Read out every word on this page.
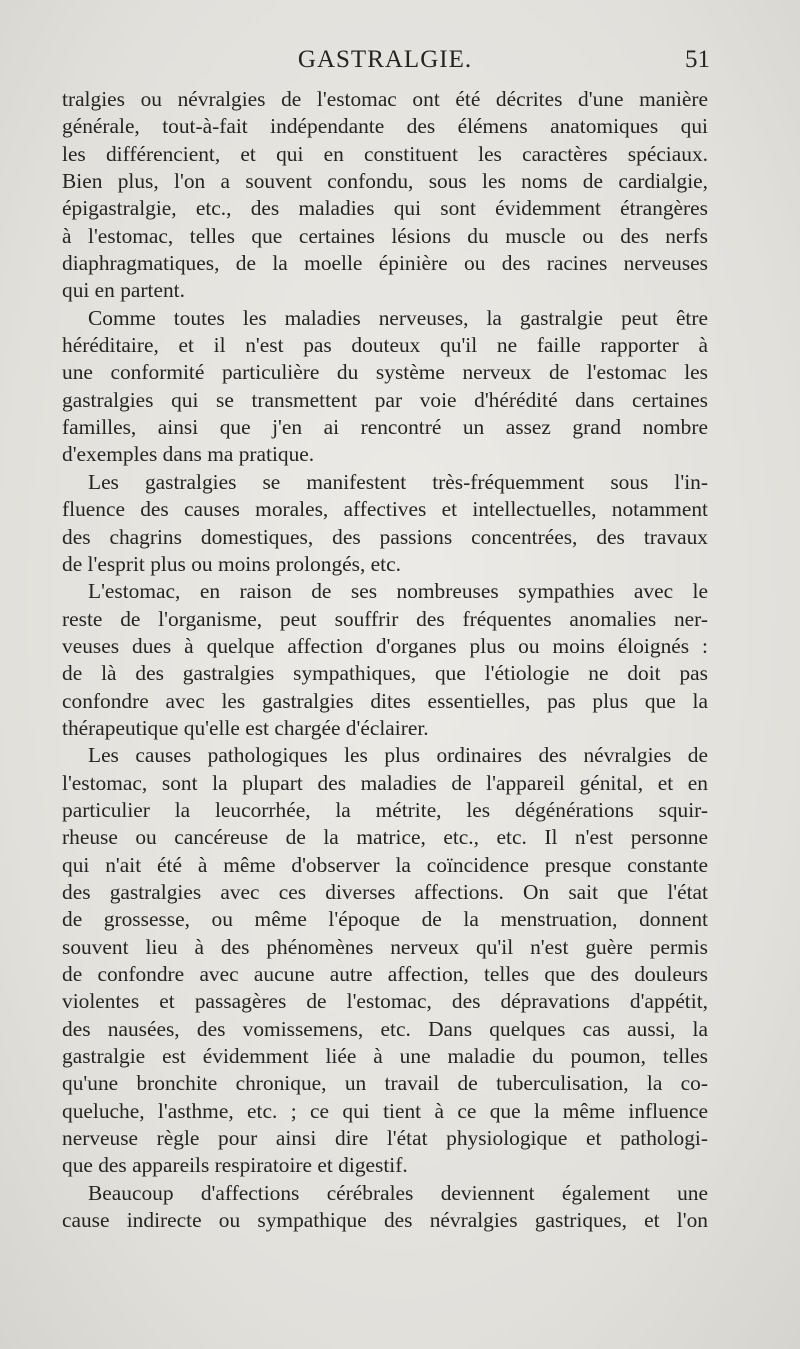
GASTRALGIE.	51
tralgies ou névralgies de l'estomac ont été décrites d'une manière
générale, tout-à-fait indépendante des élémens anatomiques qui
les différencient, et qui en constituent les caractères spéciaux.
Bien plus, l'on a souvent confondu, sous les noms de cardialgie,
épigastralgie, etc., des maladies qui sont évidemment étrangères
à l'estomac, telles que certaines lésions du muscle ou des nerfs
diaphragmatiques, de la moelle épinière ou des racines nerveuses
qui en partent.
Comme toutes les maladies nerveuses, la gastralgie peut être
héréditaire, et il n'est pas douteux qu'il ne faille rapporter à
une conformité particulière du système nerveux de l'estomac les
gastralgies qui se transmettent par voie d'hérédité dans certaines
familles, ainsi que j'en ai rencontré un assez grand nombre
d'exemples dans ma pratique.
Les gastralgies se manifestent très-fréquemment sous l'in-
fluence des causes morales, affectives et intellectuelles, notamment
des chagrins domestiques, des passions concentrées, des travaux
de l'esprit plus ou moins prolongés, etc.
L'estomac, en raison de ses nombreuses sympathies avec le
reste de l'organisme, peut souffrir des fréquentes anomalies ner-
veuses dues à quelque affection d'organes plus ou moins éloignés :
de là des gastralgies sympathiques, que l'étiologie ne doit pas
confondre avec les gastralgies dites essentielles, pas plus que la
thérapeutique qu'elle est chargée d'éclairer.
Les causes pathologiques les plus ordinaires des névralgies de
l'estomac, sont la plupart des maladies de l'appareil génital, et en
particulier la leucorrhée, la métrite, les dégénérations squir-
rheuse ou cancéreuse de la matrice, etc., etc. Il n'est personne
qui n'ait été à même d'observer la coïncidence presque constante
des gastralgies avec ces diverses affections. On sait que l'état
de grossesse, ou même l'époque de la menstruation, donnent
souvent lieu à des phénomènes nerveux qu'il n'est guère permis
de confondre avec aucune autre affection, telles que des douleurs
violentes et passagères de l'estomac, des dépravations d'appétit,
des nausées, des vomissemens, etc. Dans quelques cas aussi, la
gastralgie est évidemment liée à une maladie du poumon, telles
qu'une bronchite chronique, un travail de tuberculisation, la co-
queluche, l'asthme, etc. ; ce qui tient à ce que la même influence
nerveuse règle pour ainsi dire l'état physiologique et pathologi-
que des appareils respiratoire et digestif.
Beaucoup d'affections cérébrales deviennent également une
cause indirecte ou sympathique des névralgies gastriques, et l'on
